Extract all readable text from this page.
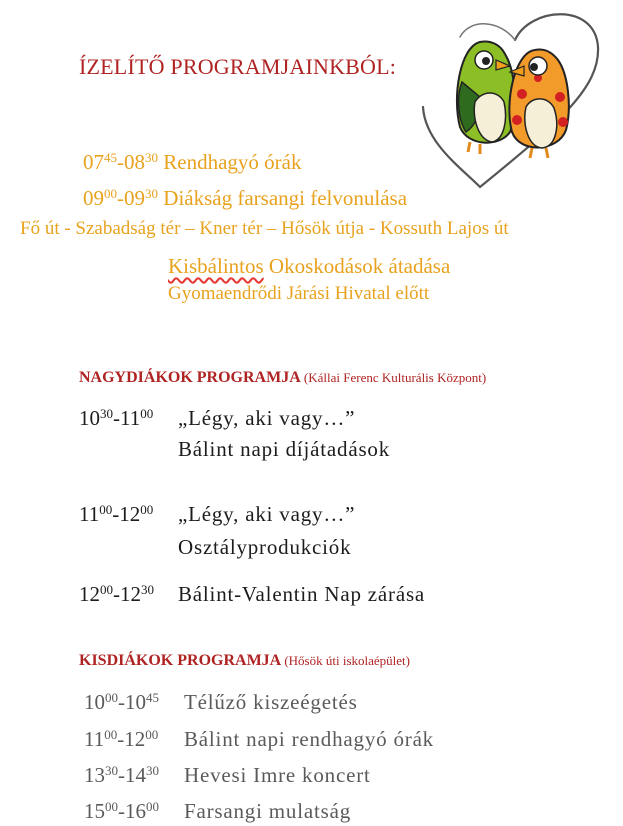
ÍZELÍTŐ PROGRAMJAINKBÓL:
$07^{45}-08^{30}$ Rendhagyó órák
$09^{00}-09^{30}$ Diákság farsangi felvonulása
Fő út - Szabadság tér – Kner tér – Hősök útja - Kossuth Lajos út
Kisbálintos Okoskodások átadása
Gyomaendrődi Járási Hivatal előtt
NAGYDIÁKOK PROGRAMJA (Kállai Ferenc Kulturális Központ)
$10^{30}-11^{00}$ „Légy, aki vagy…”
Bálint napi díjátadások
$11^{00}-12^{00}$ „Légy, aki vagy…”
Osztályprodukciók
$12^{00}-12^{30}$ Bálint-Valentin Nap zárása
KISDIÁKOK PROGRAMJA (Hősök úti iskolaépület)
$10^{00}-10^{45}$ Télűző kiszeégetés
$11^{00}-12^{00}$ Bálint napi rendhagyó órák
$13^{30}-14^{30}$ Hevesi Imre koncert
$15^{00}-16^{00}$ Farsangi mulatság
